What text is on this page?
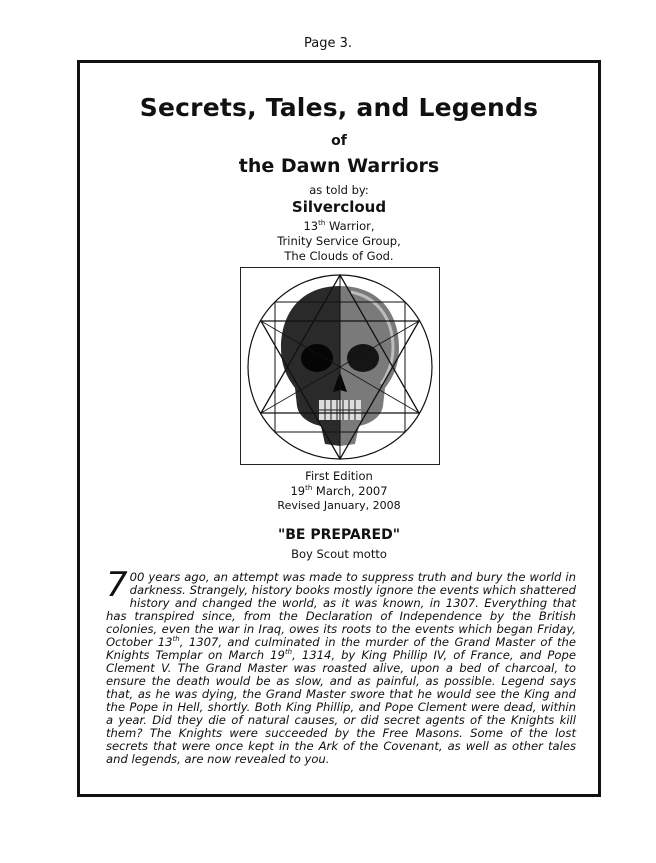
Page 3.
Secrets, Tales, and Legends
of
the Dawn Warriors
as told by:
Silvercloud
13th Warrior,
Trinity Service Group,
The Clouds of God.
First Edition
19th March, 2007
Revised January, 2008
"BE PREPARED"
Boy Scout motto
7 00 years ago, an attempt was made to suppress truth and bury the world in darkness. Strangely, history books mostly ignore the events which shattered history and changed the world, as it was known, in 1307. Everything that has transpired since, from the Declaration of Independence by the British colonies, even the war in Iraq, owes its roots to the events which began Friday, October 13th, 1307, and culminated in the murder of the Grand Master of the Knights Templar on March 19th, 1314, by King Phillip IV, of France, and Pope Clement V. The Grand Master was roasted alive, upon a bed of charcoal, to ensure the death would be as slow, and as painful, as possible. Legend says that, as he was dying, the Grand Master swore that he would see the King and the Pope in Hell, shortly. Both King Phillip, and Pope Clement were dead, within a year. Did they die of natural causes, or did secret agents of the Knights kill them? The Knights were succeeded by the Free Masons. Some of the lost secrets that were once kept in the Ark of the Covenant, as well as other tales and legends, are now revealed to you.
